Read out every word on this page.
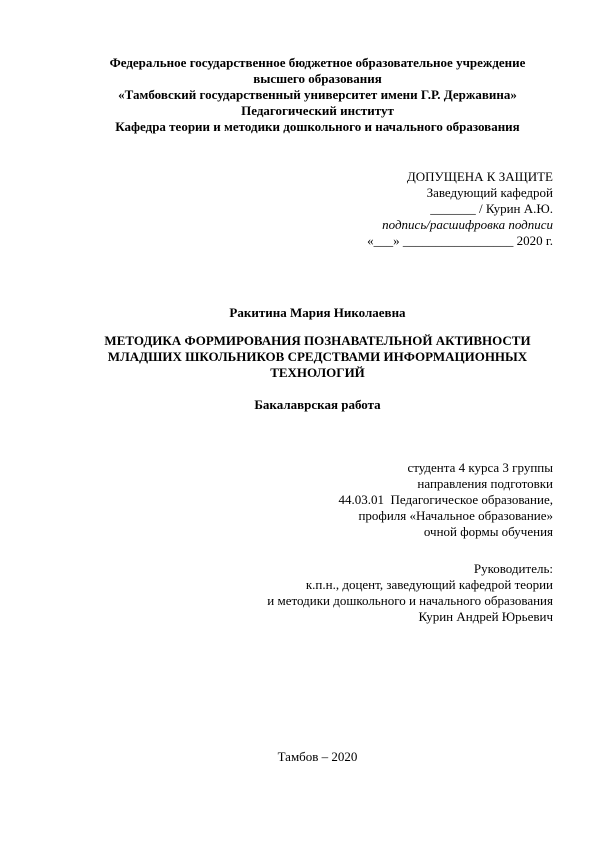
Федеральное государственное бюджетное образовательное учреждение
высшего образования
«Тамбовский государственный университет имени Г.Р. Державина»
Педагогический институт
Кафедра теории и методики дошкольного и начального образования
ДОПУЩЕНА К ЗАЩИТЕ
Заведующий кафедрой
_______ / Курин А.Ю.
подпись/расшифровка подписи
«___» _________________ 2020 г.
Ракитина Мария Николаевна
МЕТОДИКА ФОРМИРОВАНИЯ ПОЗНАВАТЕЛЬНОЙ АКТИВНОСТИ
МЛАДШИХ ШКОЛЬНИКОВ СРЕДСТВАМИ ИНФОРМАЦИОННЫХ
ТЕХНОЛОГИЙ
Бакалаврская работа
студента 4 курса 3 группы
направления подготовки
44.03.01  Педагогическое образование,
профиля «Начальное образование»
очной формы обучения
Руководитель:
к.п.н., доцент, заведующий кафедрой теории
и методики дошкольного и начального образования
Курин Андрей Юрьевич
Тамбов – 2020
